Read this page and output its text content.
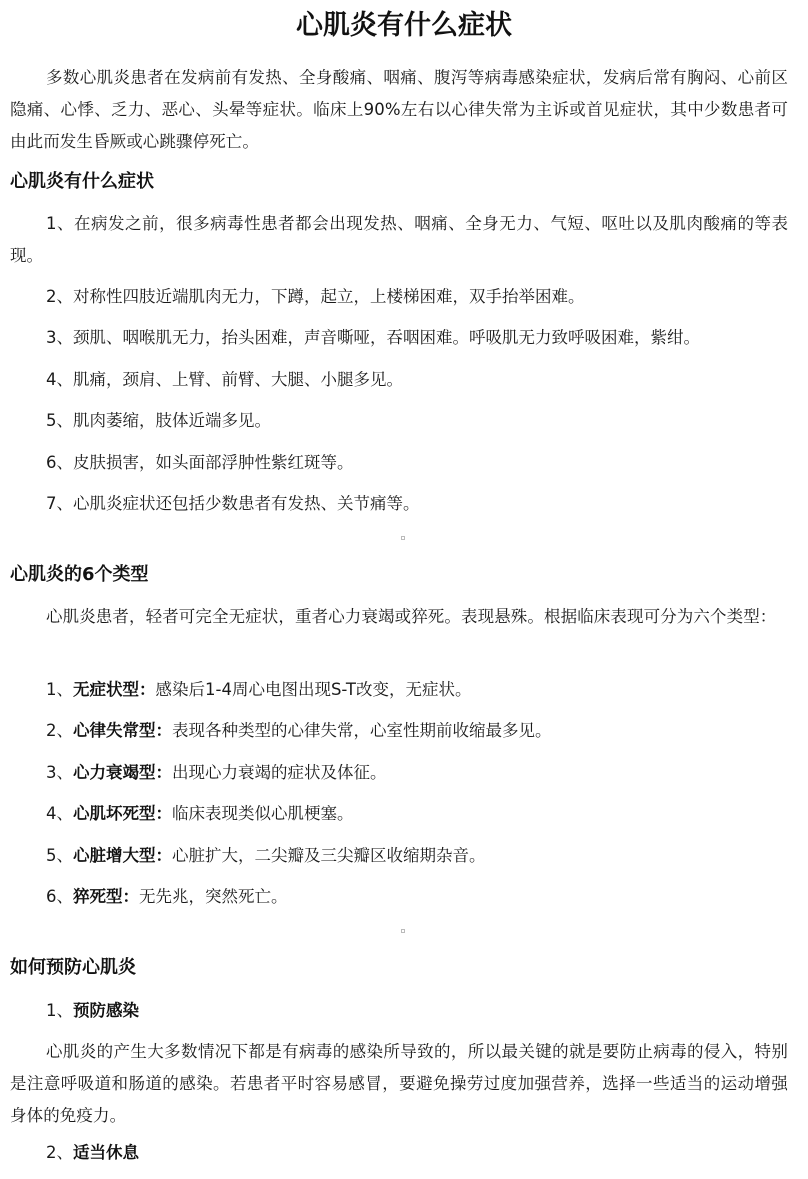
心肌炎有什么症状
多数心肌炎患者在发病前有发热、全身酸痛、咽痛、腹泻等病毒感染症状，发病后常有胸闷、心前区隐痛、心悸、乏力、恶心、头晕等症状。临床上90%左右以心律失常为主诉或首见症状，其中少数患者可由此而发生昏厥或心跳骤停死亡。
心肌炎有什么症状
1、在病发之前，很多病毒性患者都会出现发热、咽痛、全身无力、气短、呕吐以及肌肉酸痛的等表现。
2、对称性四肢近端肌肉无力，下蹲，起立，上楼梯困难，双手抬举困难。
3、颈肌、咽喉肌无力，抬头困难，声音嘶哑，吞咽困难。呼吸肌无力致呼吸困难，紫绀。
4、肌痛，颈肩、上臂、前臂、大腿、小腿多见。
5、肌肉萎缩，肢体近端多见。
6、皮肤损害，如头面部浮肿性紫红斑等。
7、心肌炎症状还包括少数患者有发热、关节痛等。
心肌炎的6个类型
心肌炎患者，轻者可完全无症状，重者心力衰竭或猝死。表现悬殊。根据临床表现可分为六个类型：
1、无症状型：感染后1-4周心电图出现S-T改变，无症状。
2、心律失常型：表现各种类型的心律失常，心室性期前收缩最多见。
3、心力衰竭型：出现心力衰竭的症状及体征。
4、心肌坏死型：临床表现类似心肌梗塞。
5、心脏增大型：心脏扩大，二尖瓣及三尖瓣区收缩期杂音。
6、猝死型：无先兆，突然死亡。
如何预防心肌炎
1、预防感染
心肌炎的产生大多数情况下都是有病毒的感染所导致的，所以最关键的就是要防止病毒的侵入，特别是注意呼吸道和肠道的感染。若患者平时容易感冒，要避免操劳过度加强营养，选择一些适当的运动增强身体的免疫力。
2、适当休息
